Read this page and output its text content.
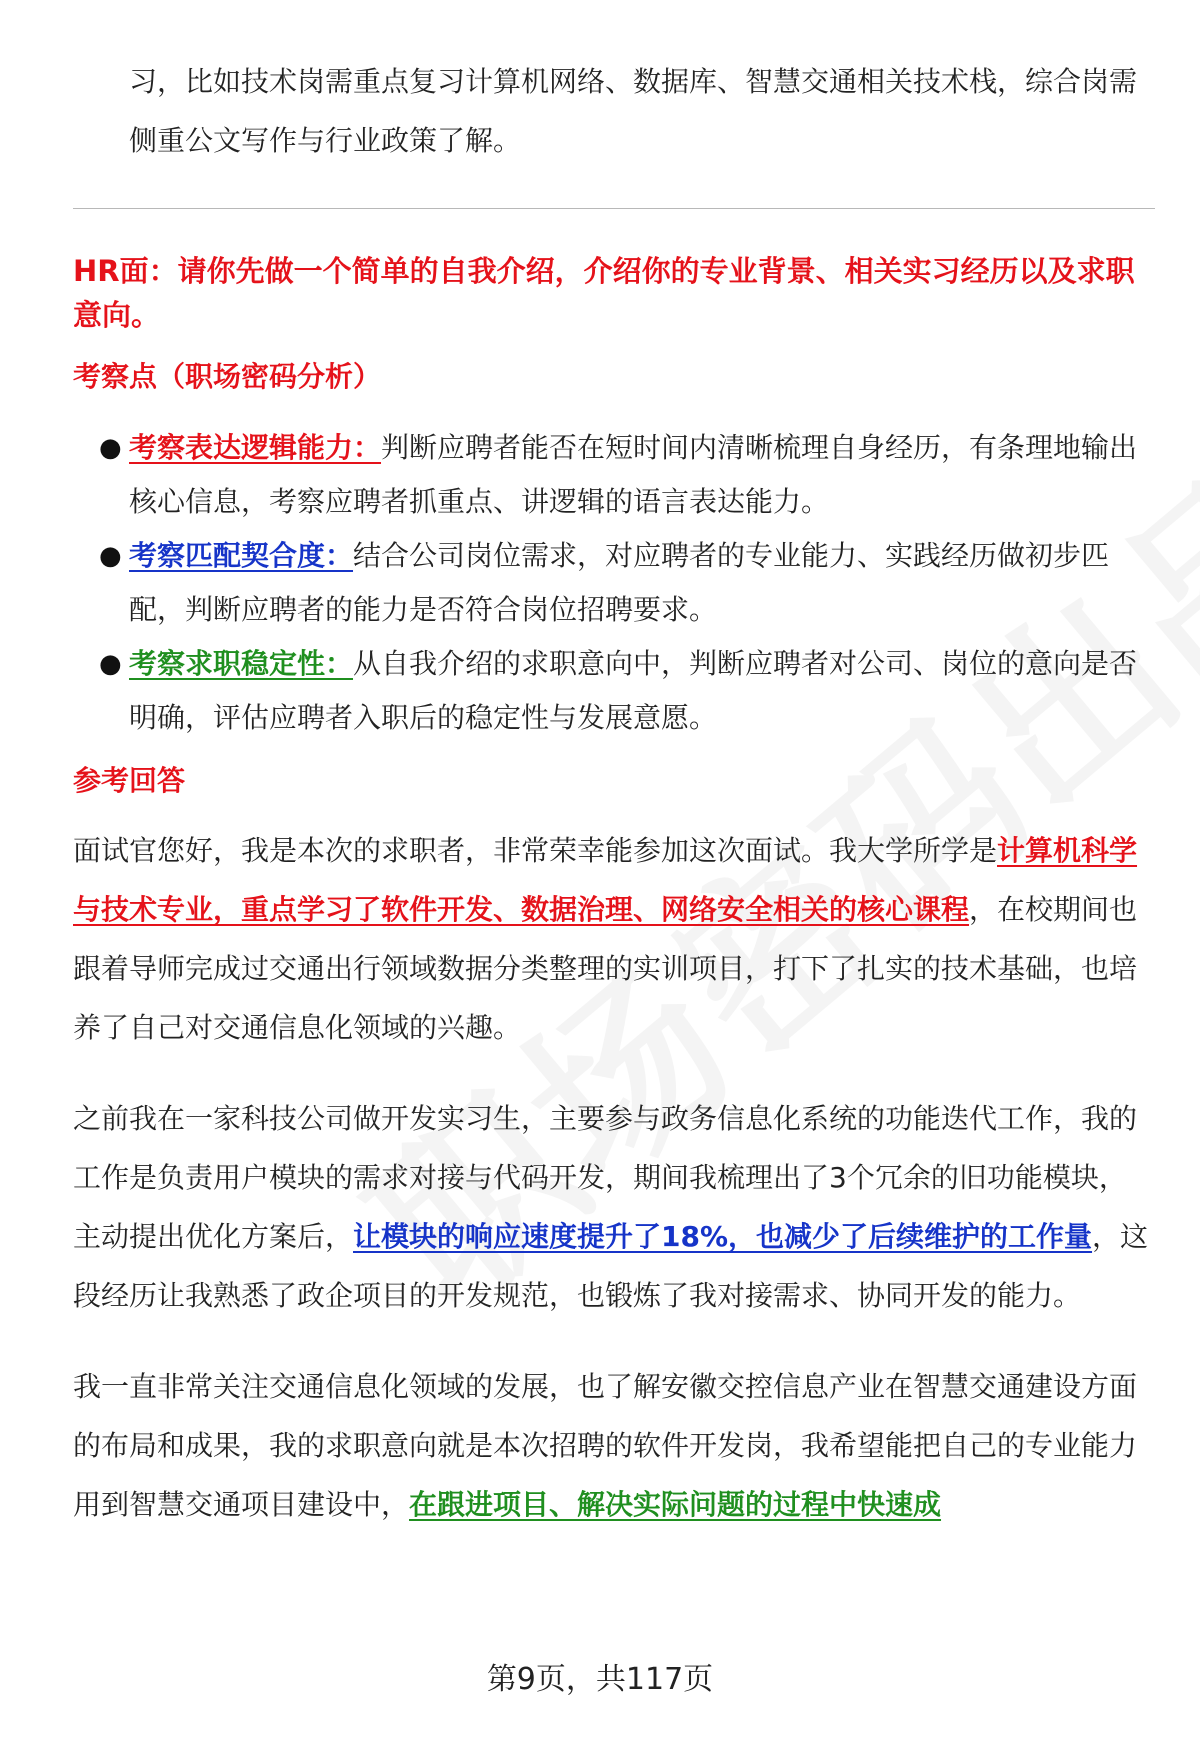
习，比如技术岗需重点复习计算机网络、数据库、智慧交通相关技术栈，综合岗需侧重公文写作与行业政策了解。

HR面：请你先做一个简单的自我介绍，介绍你的专业背景、相关实习经历以及求职意向。

考察点（职场密码分析）

● 考察表达逻辑能力：判断应聘者能否在短时间内清晰梳理自身经历，有条理地输出核心信息，考察应聘者抓重点、讲逻辑的语言表达能力。
● 考察匹配契合度：结合公司岗位需求，对应聘者的专业能力、实践经历做初步匹配，判断应聘者的能力是否符合岗位招聘要求。
● 考察求职稳定性：从自我介绍的求职意向中，判断应聘者对公司、岗位的意向是否明确，评估应聘者入职后的稳定性与发展意愿。

参考回答

面试官您好，我是本次的求职者，非常荣幸能参加这次面试。我大学所学是计算机科学与技术专业，重点学习了软件开发、数据治理、网络安全相关的核心课程，在校期间也跟着导师完成过交通出行领域数据分类整理的实训项目，打下了扎实的技术基础，也培养了自己对交通信息化领域的兴趣。

之前我在一家科技公司做开发实习生，主要参与政务信息化系统的功能迭代工作，我的工作是负责用户模块的需求对接与代码开发，期间我梳理出了3个冗余的旧功能模块，主动提出优化方案后，让模块的响应速度提升了18%，也减少了后续维护的工作量，这段经历让我熟悉了政企项目的开发规范，也锻炼了我对接需求、协同开发的能力。

我一直非常关注交通信息化领域的发展，也了解安徽交控信息产业在智慧交通建设方面的布局和成果，我的求职意向就是本次招聘的软件开发岗，我希望能把自己的专业能力用到智慧交通项目建设中，在跟进项目、解决实际问题的过程中快速成

第9页，共117页
